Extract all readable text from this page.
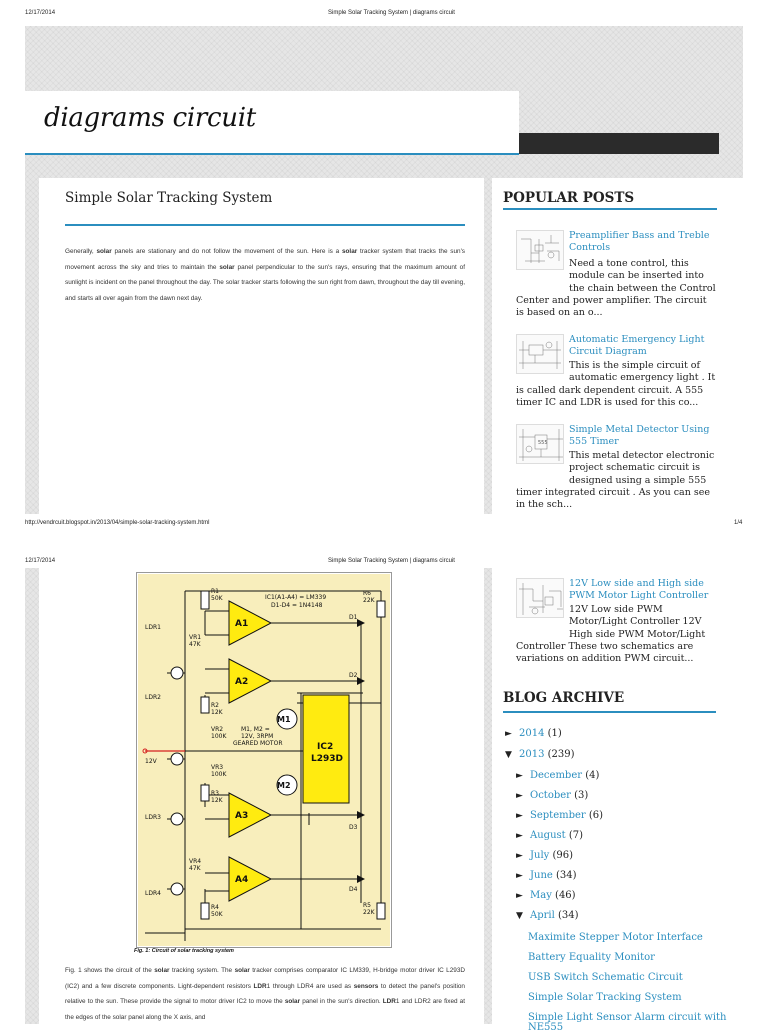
12/17/2014	Simple Solar Tracking System | diagrams circuit
diagrams circuit
Simple Solar Tracking System

Generally, solar panels are stationary and do not follow the movement of the sun. Here is a solar tracker system that tracks the sun's movement across the sky and tries to maintain the solar panel perpendicular to the sun's rays, ensuring that the maximum amount of sunlight is incident on the panel throughout the day. The solar tracker starts following the sun right from dawn, throughout the day till evening, and starts all over again from the dawn next day.

POPULAR POSTS
Preamplifier Bass and Treble Controls
Need a tone control, this module can be inserted into the chain between the Control Center and power amplifier. The circuit is based on an o...
Automatic Emergency Light Circuit Diagram
This is the simple circuit of automatic emergency light . It is called dark dependent circuit. A 555 timer IC and LDR is used for this co...
555
Simple Metal Detector Using 555 Timer
This metal detector electronic project schematic circuit is designed using a simple 555 timer integrated circuit . As you can see in the sch...
http://vendrcuit.blogspot.in/2013/04/simple-solar-tracking-system.html	1/4
12/17/2014	Simple Solar Tracking System | diagrams circuit
A1
A2
A3
A4
IC2
L293D
M1
M2
LDR1
LDR2
LDR3
LDR4
12V
D1
D2
D3
D4
IC1(A1-A4) = LM339
D1-D4 = 1N4148
M1, M2 =
12V, 3RPM
GEARED MOTOR
R1
50K
VR1
47K
R2
12K
VR2
100K
VR3
100K
R3
12K
VR4
47K
R4
50K
R6
22K
R5
22K

Fig. 1 shows the circuit of the solar tracking system. The solar tracker comprises comparator IC LM339, H-bridge motor driver IC L293D (IC2) and a few discrete components. Light-dependent resistors LDR1 through LDR4 are used as sensors to detect the panel's position relative to the sun. These provide the signal to motor driver IC2 to move the solar panel in the sun's direction. LDR1 and LDR2 are fixed at the edges of the solar panel along the X axis, and

12V Low side and High side PWM Motor Light Controller
12V Low side PWM Motor/Light Controller 12V High side PWM Motor/Light Controller These two schematics are variations on addition PWM circuit...
BLOG ARCHIVE
► 2014 (1)
▼ 2013 (239)
► December (4)
► October (3)
► September (6)
► August (7)
► July (96)
► June (34)
► May (46)
▼ April (34)
Maximite Stepper Motor Interface
Battery Equality Monitor
USB Switch Schematic Circuit
Simple Solar Tracking System
Simple Light Sensor Alarm circuit with
NE555
Fig. 1: Circuit of solar tracking system
